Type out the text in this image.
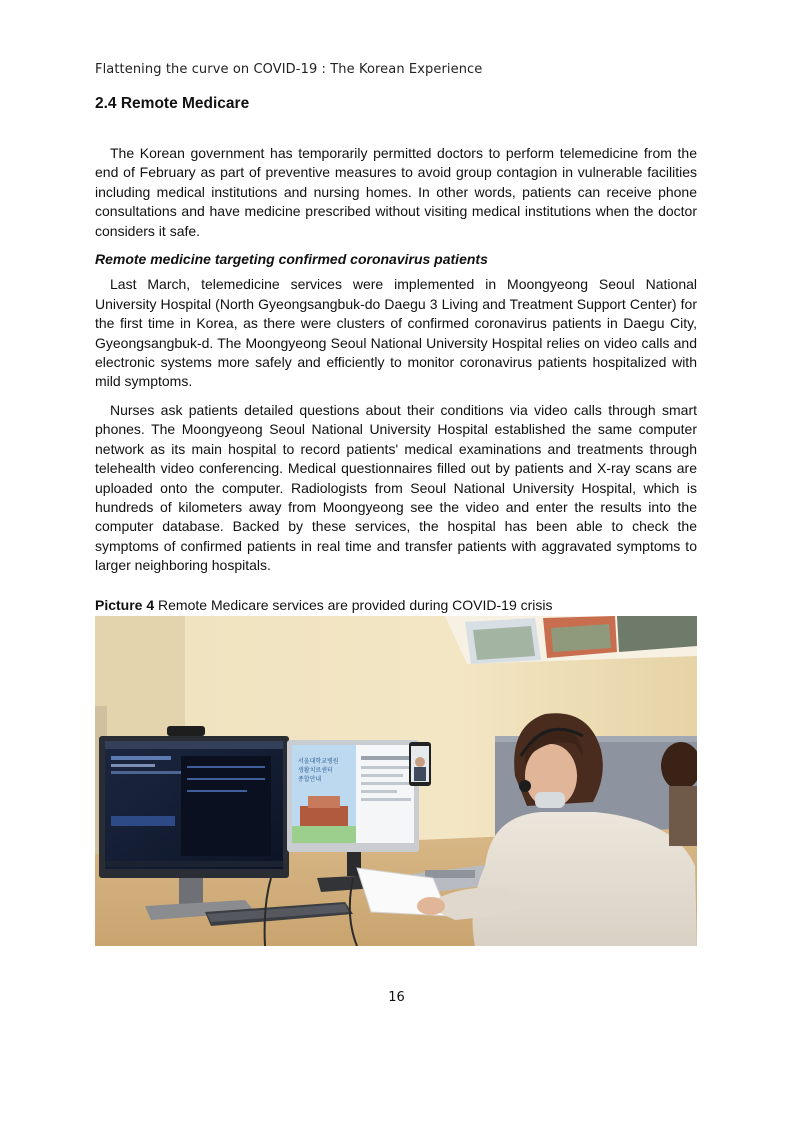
Flattening the curve on COVID-19 : The Korean Experience
2.4 Remote Medicare

The Korean government has temporarily permitted doctors to perform telemedicine from the end of February as part of preventive measures to avoid group contagion in vulnerable facilities including medical institutions and nursing homes. In other words, patients can receive phone consultations and have medicine prescribed without visiting medical institutions when the doctor considers it safe.

Remote medicine targeting confirmed coronavirus patients

Last March, telemedicine services were implemented in Moongyeong Seoul National University Hospital (North Gyeongsangbuk-do Daegu 3 Living and Treatment Support Center) for the first time in Korea, as there were clusters of confirmed coronavirus patients in Daegu City, Gyeongsangbuk-d. The Moongyeong Seoul National University Hospital relies on video calls and electronic systems more safely and efficiently to monitor coronavirus patients hospitalized with mild symptoms.

Nurses ask patients detailed questions about their conditions via video calls through smart phones. The Moongyeong Seoul National University Hospital established the same computer network as its main hospital to record patients' medical examinations and treatments through telehealth video conferencing. Medical questionnaires filled out by patients and X-ray scans are uploaded onto the computer. Radiologists from Seoul National University Hospital, which is hundreds of kilometers away from Moongyeong see the video and enter the results into the computer database. Backed by these services, the hospital has been able to check the symptoms of confirmed patients in real time and transfer patients with aggravated symptoms to larger neighboring hospitals.

Picture 4 Remote Medicare services are provided during COVID-19 crisis
서울대학교병원
생활치료센터
종합안내
16
